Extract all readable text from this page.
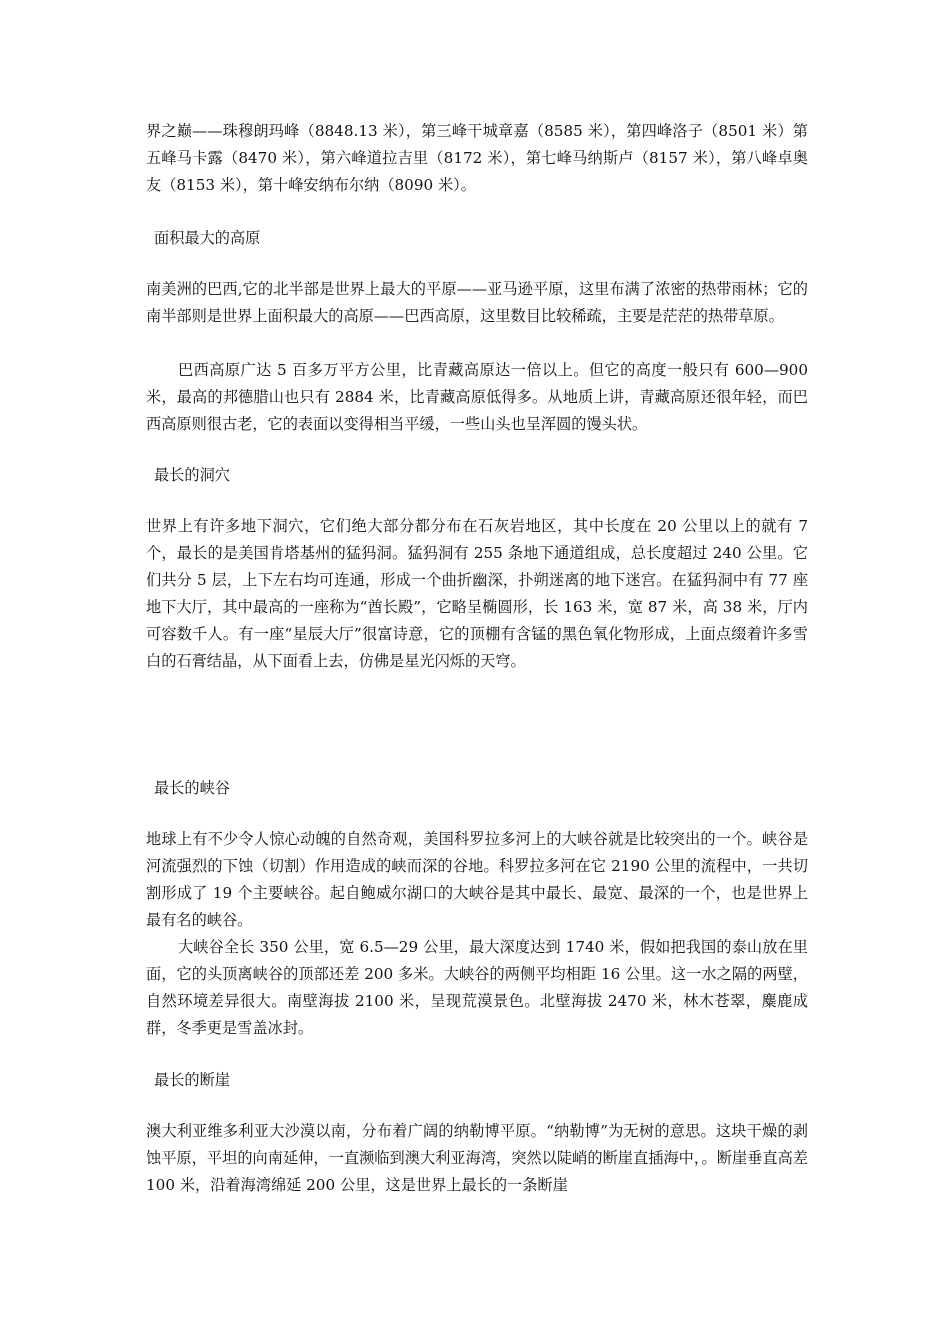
界之巅——珠穆朗玛峰（8848.13 米），第三峰干城章嘉（8585 米），第四峰洛子（8501 米）第五峰马卡露（8470 米），第六峰道拉吉里（8172 米），第七峰马纳斯卢（8157 米），第八峰卓奥友（8153 米），第十峰安纳布尔纳（8090 米）。

面积最大的高原

南美洲的巴西,它的北半部是世界上最大的平原——亚马逊平原，这里布满了浓密的热带雨林；它的南半部则是世界上面积最大的高原——巴西高原，这里数目比较稀疏，主要是茫茫的热带草原。

巴西高原广达 5 百多万平方公里，比青藏高原达一倍以上。但它的高度一般只有 600—900 米，最高的邦德腊山也只有 2884 米，比青藏高原低得多。从地质上讲，青藏高原还很年轻，而巴西高原则很古老，它的表面以变得相当平缓，一些山头也呈浑圆的馒头状。

最长的洞穴

世界上有许多地下洞穴，它们绝大部分都分布在石灰岩地区，其中长度在 20 公里以上的就有 7 个，最长的是美国肯塔基州的猛犸洞。猛犸洞有 255 条地下通道组成，总长度超过 240 公里。它们共分 5 层，上下左右均可连通，形成一个曲折幽深，扑朔迷离的地下迷宫。在猛犸洞中有 77 座地下大厅，其中最高的一座称为“酋长殿”，它略呈椭圆形，长 163 米，宽 87 米，高 38 米，厅内可容数千人。有一座“星辰大厅”很富诗意，它的顶棚有含锰的黑色氧化物形成，上面点缀着许多雪白的石膏结晶，从下面看上去，仿佛是星光闪烁的天穹。

最长的峡谷

地球上有不少令人惊心动魄的自然奇观，美国科罗拉多河上的大峡谷就是比较突出的一个。峡谷是河流强烈的下蚀（切割）作用造成的峡而深的谷地。科罗拉多河在它 2190 公里的流程中，一共切割形成了 19 个主要峡谷。起自鲍威尔湖口的大峡谷是其中最长、最宽、最深的一个，也是世界上最有名的峡谷。

大峡谷全长 350 公里，宽 6.5—29 公里，最大深度达到 1740 米，假如把我国的泰山放在里面，它的头顶离峡谷的顶部还差 200 多米。大峡谷的两侧平均相距 16 公里。这一水之隔的两壁，自然环境差异很大。南壁海拔 2100 米，呈现荒漠景色。北壁海拔 2470 米，林木苍翠，麋鹿成群，冬季更是雪盖冰封。

最长的断崖

澳大利亚维多利亚大沙漠以南，分布着广阔的纳勒博平原。“纳勒博”为无树的意思。这块干燥的剥蚀平原，平坦的向南延伸，一直濒临到澳大利亚海湾，突然以陡峭的断崖直插海中，。断崖垂直高差 100 米，沿着海湾绵延 200 公里，这是世界上最长的一条断崖
